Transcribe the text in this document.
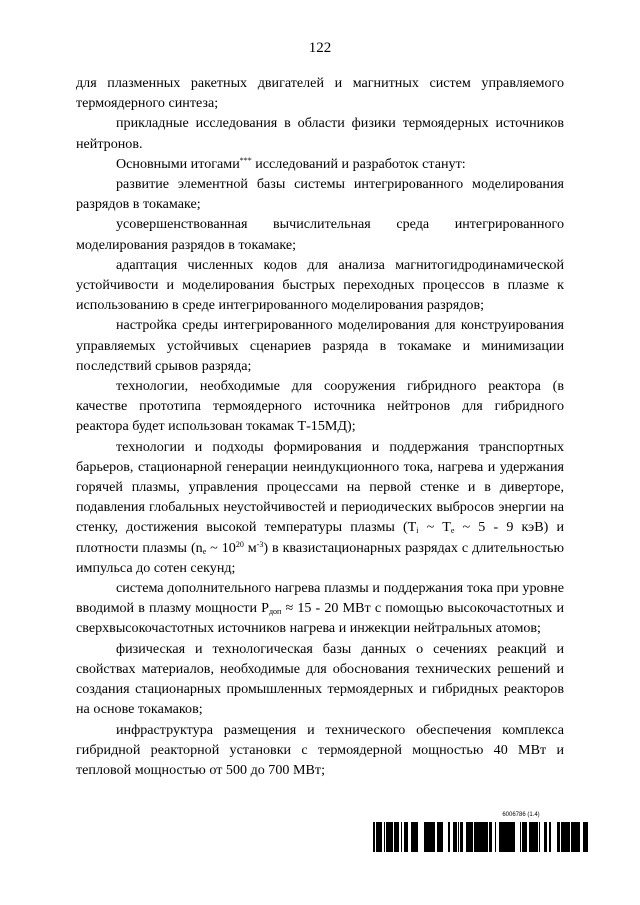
122

для плазменных ракетных двигателей и магнитных систем управляемого термоядерного синтеза;

прикладные исследования в области физики термоядерных источников нейтронов.

Основными итогами*** исследований и разработок станут:

развитие элементной базы системы интегрированного моделирования разрядов в токамаке;

усовершенствованная вычислительная среда интегрированного моделирования разрядов в токамаке;

адаптация численных кодов для анализа магнитогидродинамической устойчивости и моделирования быстрых переходных процессов в плазме к использованию в среде интегрированного моделирования разрядов;

настройка среды интегрированного моделирования для конструирования управляемых устойчивых сценариев разряда в токамаке и минимизации последствий срывов разряда;

технологии, необходимые для сооружения гибридного реактора (в качестве прототипа термоядерного источника нейтронов для гибридного реактора будет использован токамак Т-15МД);

технологии и подходы формирования и поддержания транспортных барьеров, стационарной генерации неиндукционного тока, нагрева и удержания горячей плазмы, управления процессами на первой стенке и в диверторе, подавления глобальных неустойчивостей и периодических выбросов энергии на стенку, достижения высокой температуры плазмы ($T_i$ ~ $T_e$ ~ 5 - 9 кэВ) и плотности плазмы ($n_e$ ~ $10^{20}$ $м^{-3}$) в квазистационарных разрядах с длительностью импульса до сотен секунд;

система дополнительного нагрева плазмы и поддержания тока при уровне вводимой в плазму мощности $P_{доп} \approx 15 - 20$ МВт с помощью высокочастотных и сверхвысокочастотных источников нагрева и инжекции нейтральных атомов;

физическая и технологическая базы данных о сечениях реакций и свойствах материалов, необходимые для обоснования технических решений и создания стационарных промышленных термоядерных и гибридных реакторов на основе токамаков;

инфраструктура размещения и технического обеспечения комплекса гибридной реакторной установки с термоядерной мощностью 40 МВт и тепловой мощностью от 500 до 700 МВт;

6006786 (1.4)
